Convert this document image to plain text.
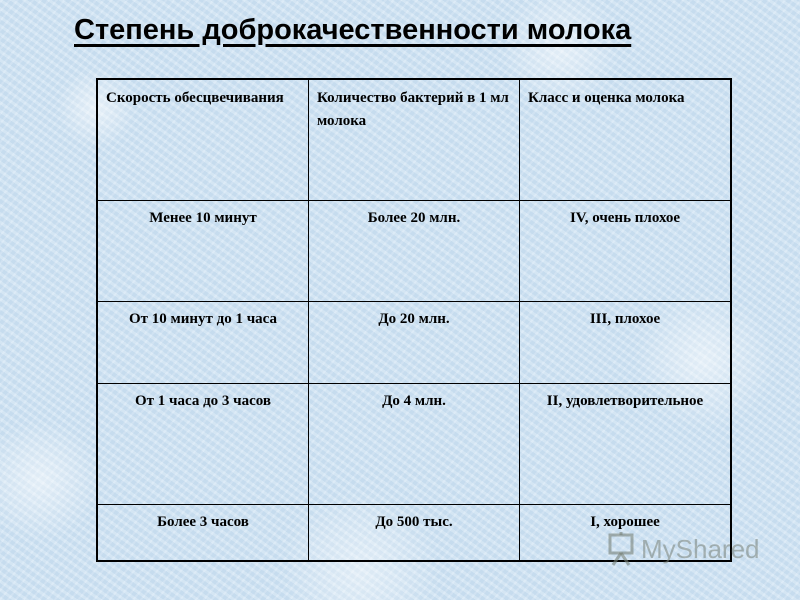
Степень доброкачественности молока
Скорость обесцвечивания	Количество бактерий в 1 мл молока	Класс и оценка молока
Менее 10 минут	Более 20 млн.	IV, очень плохое
От 10 минут до 1 часа	До 20 млн.	III, плохое
От 1 часа до 3 часов	До 4 млн.	II, удовлетворительное
Более 3 часов	До 500 тыс.	I, хорошее
MyShared
